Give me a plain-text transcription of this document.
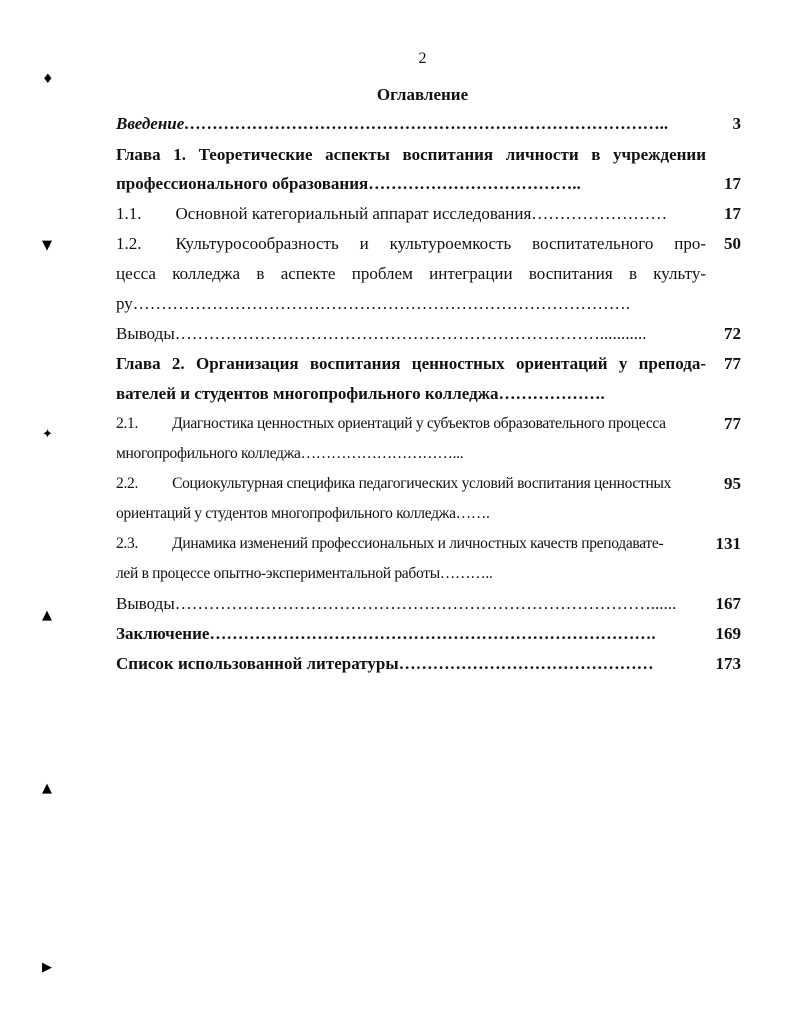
2
Оглавление
Введение…………………………………………………………………………..	3
Глава 1. Теоретические аспекты воспитания личности в учреждении
профессионального образования………………………………..	17
1.1. Основной категориальный аппарат исследования……………………	17
1.2. Культуросообразность и культуроемкость воспитательного про-	50
цесса колледжа в аспекте проблем интеграции воспитания в культу-
ру…………………………………………………………………………….
Выводы…………………………………………………………………...........	72
Глава 2. Организация воспитания ценностных ориентаций у препода-	77
вателей и студентов многопрофильного колледжа……………….
2.1. Диагностика ценностных ориентаций у субъектов образовательного процесса	77
многопрофильного колледжа…………………………...
2.2. Социокультурная специфика педагогических условий воспитания ценностных	95
ориентаций у студентов многопрофильного колледжа…….
2.3. Динамика изменений профессиональных и личностных качеств преподавате-	131
лей в процессе опытно-экспериментальной работы………..
Выводы…………………………………………………………………………......	167
Заключение…………………………………………………………………….	169
Список использованной литературы………………………………………	173
♦
▼
✦
▲
▲
▶
